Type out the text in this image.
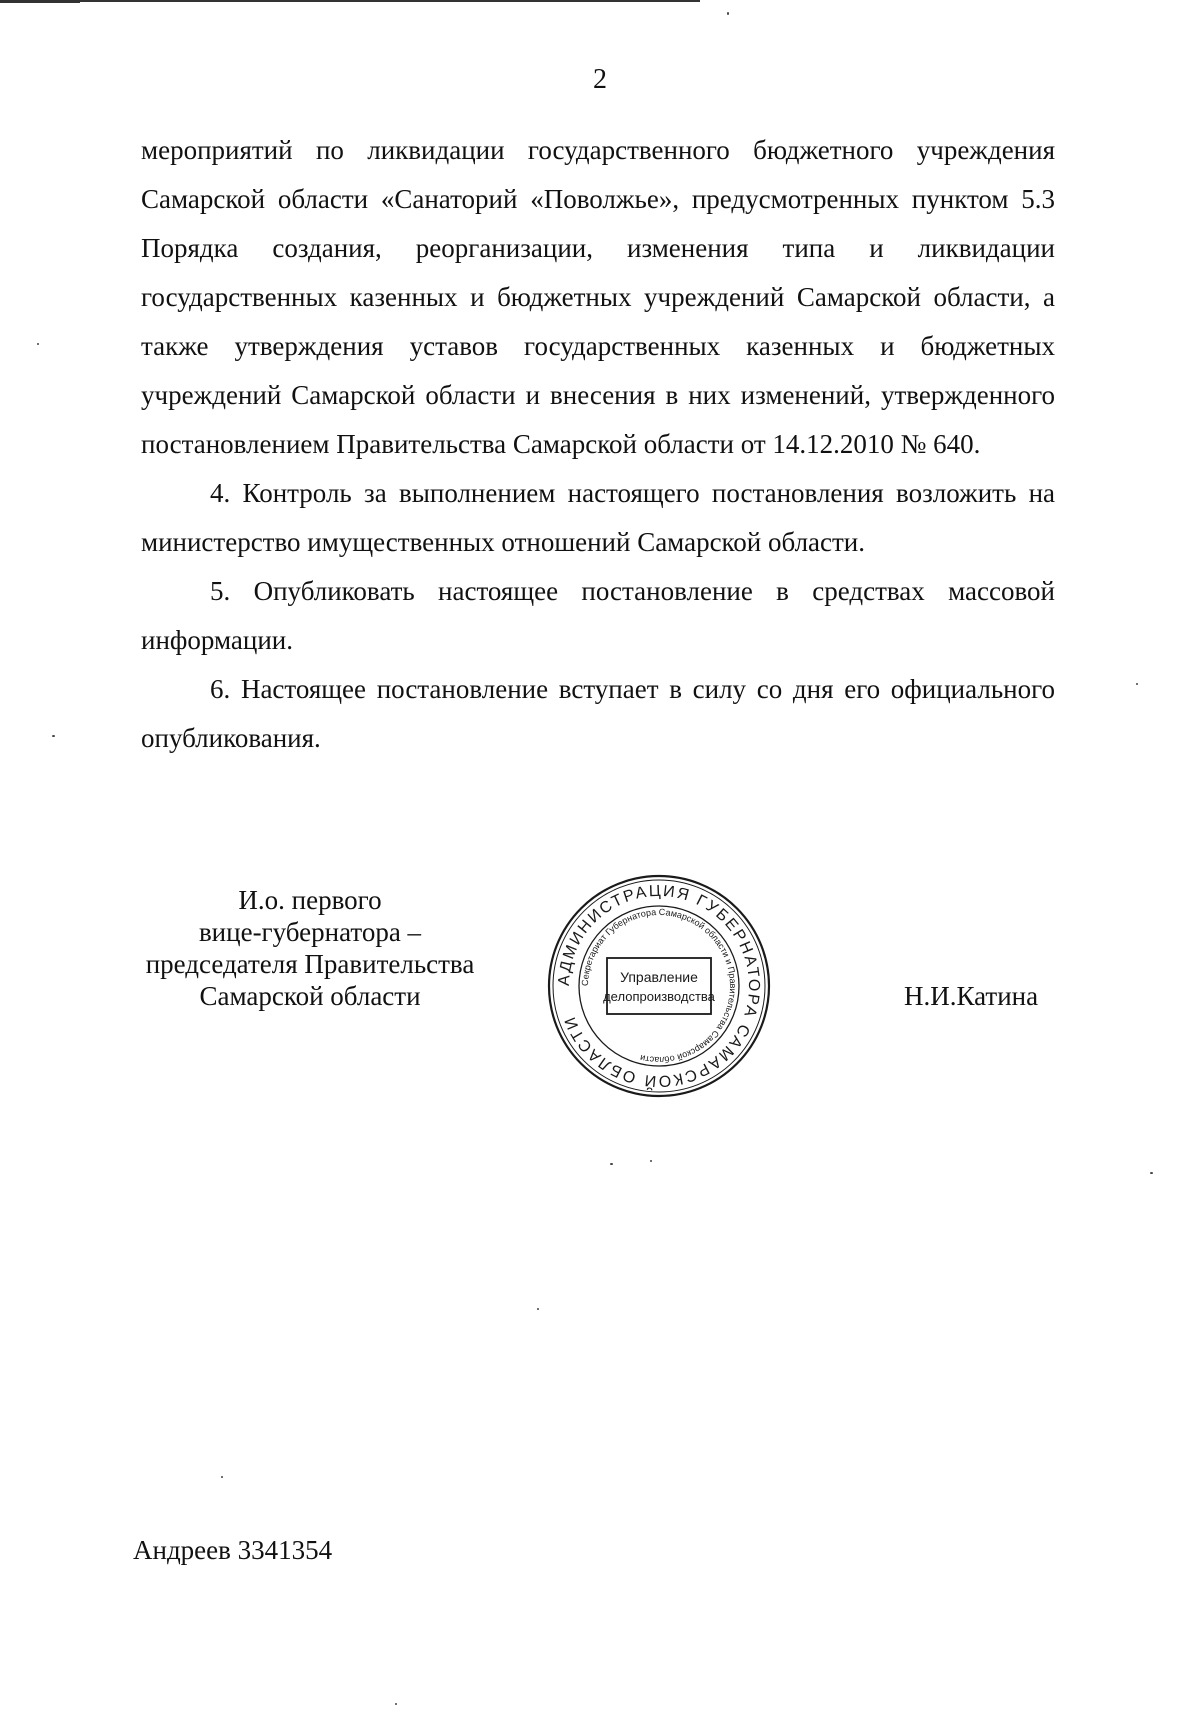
2

мероприятий по ликвидации государственного бюджетного учреждения Самарской области «Санаторий «Поволжье», предусмотренных пунктом 5.3 Порядка создания, реорганизации, изменения типа и ликвидации государственных казенных и бюджетных учреждений Самарской области, а также утверждения уставов государственных казенных и бюджетных учреждений Самарской области и внесения в них изменений, утвержденного постановлением Правительства Самарской области от 14.12.2010 № 640.

4. Контроль за выполнением настоящего постановления возложить на министерство имущественных отношений Самарской области.

5. Опубликовать настоящее постановление в средствах массовой информации.

6. Настоящее постановление вступает в силу со дня его официального опубликования.

И.о. первого
вице-губернатора –
председателя Правительства
Самарской области
АДМИНИСТРАЦИЯ ГУБЕРНАТОРА САМАРСКОЙ ОБЛАСТИ
Секретариат Губернатора Самарской области и Правительства Самарской области
Управление
делопроизводства	Н.И.Катина
Андреев 3341354
